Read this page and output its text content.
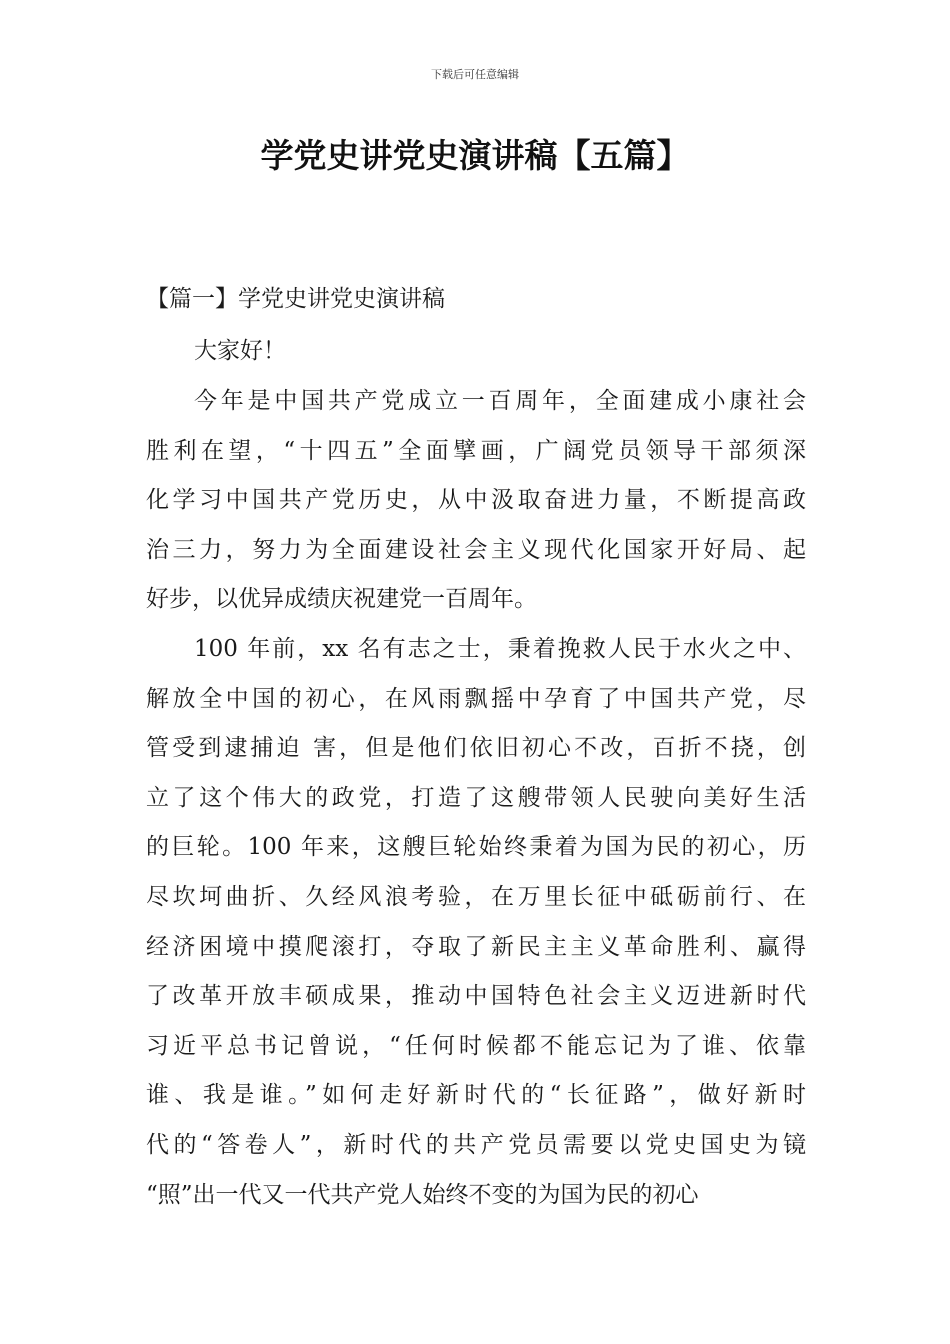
下载后可任意编辑
学党史讲党史演讲稿【五篇】
【篇一】学党史讲党史演讲稿

大家好！

今年是中国共产党成立一百周年，全面建成小康社会
胜利在望，“十四五”全面擘画，广阔党员领导干部须深
化学习中国共产党历史，从中汲取奋进力量，不断提高政
治三力，努力为全面建设社会主义现代化国家开好局、起
好步，以优异成绩庆祝建党一百周年。
100 年前，xx 名有志之士，秉着挽救人民于水火之中、
解放全中国的初心，在风雨飘摇中孕育了中国共产党，尽
管受到逮捕迫 害，但是他们依旧初心不改，百折不挠，创
立了这个伟大的政党，打造了这艘带领人民驶向美好生活
的巨轮。100 年来，这艘巨轮始终秉着为国为民的初心，历
尽坎坷曲折、久经风浪考验，在万里长征中砥砺前行、在
经济困境中摸爬滚打，夺取了新民主主义革命胜利、赢得
了改革开放丰硕成果，推动中国特色社会主义迈进新时代
习近平总书记曾说，“任何时候都不能忘记为了谁、依靠
谁、我是谁。”如何走好新时代的“长征路”，做好新时
代的“答卷人”，新时代的共产党员需要以党史国史为镜
“照”出一代又一代共产党人始终不变的为国为民的初心
